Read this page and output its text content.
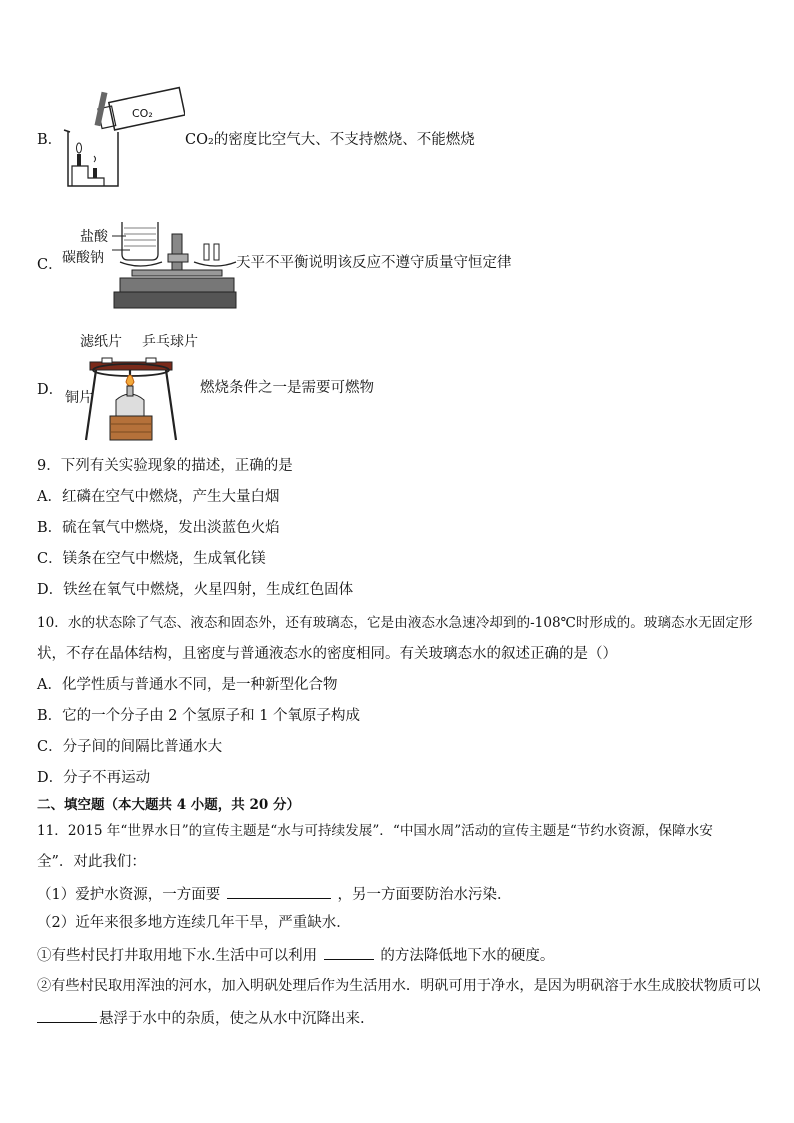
B．
CO₂
CO₂的密度比空气大、不支持燃烧、不能燃烧
C．
盐酸
碳酸钠	天平不平衡说明该反应不遵守质量守恒定律
D．
滤纸片 乒乓球片
铜片
燃烧条件之一是需要可燃物
9．下列有关实验现象的描述，正确的是
A．红磷在空气中燃烧，产生大量白烟
B．硫在氧气中燃烧，发出淡蓝色火焰
C．镁条在空气中燃烧，生成氧化镁
D．铁丝在氧气中燃烧，火星四射，生成红色固体
10．水的状态除了气态、液态和固态外，还有玻璃态，它是由液态水急速冷却到的-108℃时形成的。玻璃态水无固定形
状，不存在晶体结构，且密度与普通液态水的密度相同。有关玻璃态水的叙述正确的是（）
A．化学性质与普通水不同，是一种新型化合物
B．它的一个分子由 2 个氢原子和 1 个氧原子构成
C．分子间的间隔比普通水大
D．分子不再运动
二、填空题（本大题共 4 小题，共 20 分）
11．2015 年“世界水日”的宣传主题是“水与可持续发展”．“中国水周”活动的宣传主题是“节约水资源，保障水安
全”．对此我们：
（1）爱护水资源，一方面要	，另一方面要防治水污染．
（2）近年来很多地方连续几年干旱，严重缺水．
①有些村民打井取用地下水.生活中可以利用	的方法降低地下水的硬度。
②有些村民取用浑浊的河水，加入明矾处理后作为生活用水．明矾可用于净水，是因为明矾溶于水生成胶状物质可以
悬浮于水中的杂质，使之从水中沉降出来.
